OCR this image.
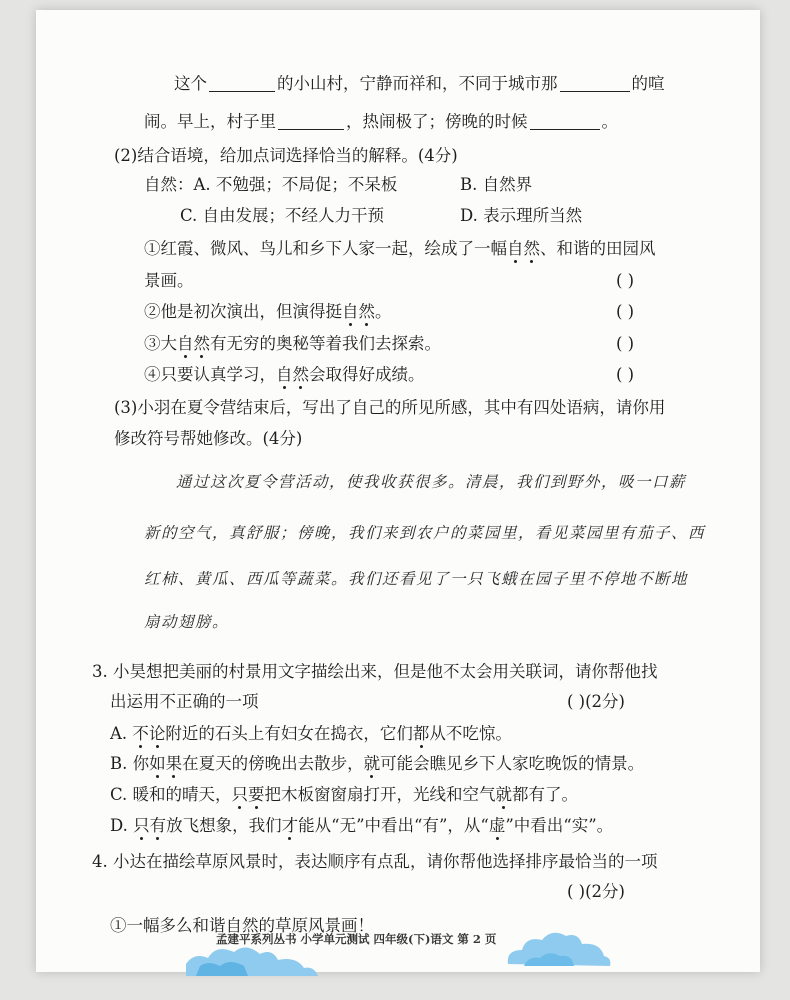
这个	的小山村，宁静而祥和，不同于城市那	的喧
闹。早上，村子里	，热闹极了；傍晚的时候	。
(2)结合语境，给加点词选择恰当的解释。(4分)
自然：A. 不勉强；不局促；不呆板	B. 自然界
C. 自由发展；不经人力干预	D. 表示理所当然
①红霞、微风、鸟儿和乡下人家一起，绘成了一幅自然、和谐的田园风
景画。	( )
②他是初次演出，但演得挺自然。	( )
③大自然有无穷的奥秘等着我们去探索。	( )
④只要认真学习，自然会取得好成绩。	( )
(3)小羽在夏令营结束后，写出了自己的所见所感，其中有四处语病，请你用
修改符号帮她修改。(4分)
通过这次夏令营活动，使我收获很多。清晨，我们到野外，吸一口薪
新的空气，真舒服；傍晚，我们来到农户的菜园里，看见菜园里有茄子、西
红柿、黄瓜、西瓜等蔬菜。我们还看见了一只飞蛾在园子里不停地不断地
扇动翅膀。
3. 小昊想把美丽的村景用文字描绘出来，但是他不太会用关联词，请你帮他找
出运用不正确的一项	( )(2分)
A. 不论附近的石头上有妇女在捣衣，它们都从不吃惊。
B. 你如果在夏天的傍晚出去散步，就可能会瞧见乡下人家吃晚饭的情景。
C. 暖和的晴天，只要把木板窗窗扇打开，光线和空气就都有了。
D. 只有放飞想象，我们才能从“无”中看出“有”，从“虚”中看出“实”。
4. 小达在描绘草原风景时，表达顺序有点乱，请你帮他选择排序最恰当的一项
( )(2分)
①一幅多么和谐自然的草原风景画！
孟建平系列丛书 小学单元测试 四年级(下)语文 第 2 页
